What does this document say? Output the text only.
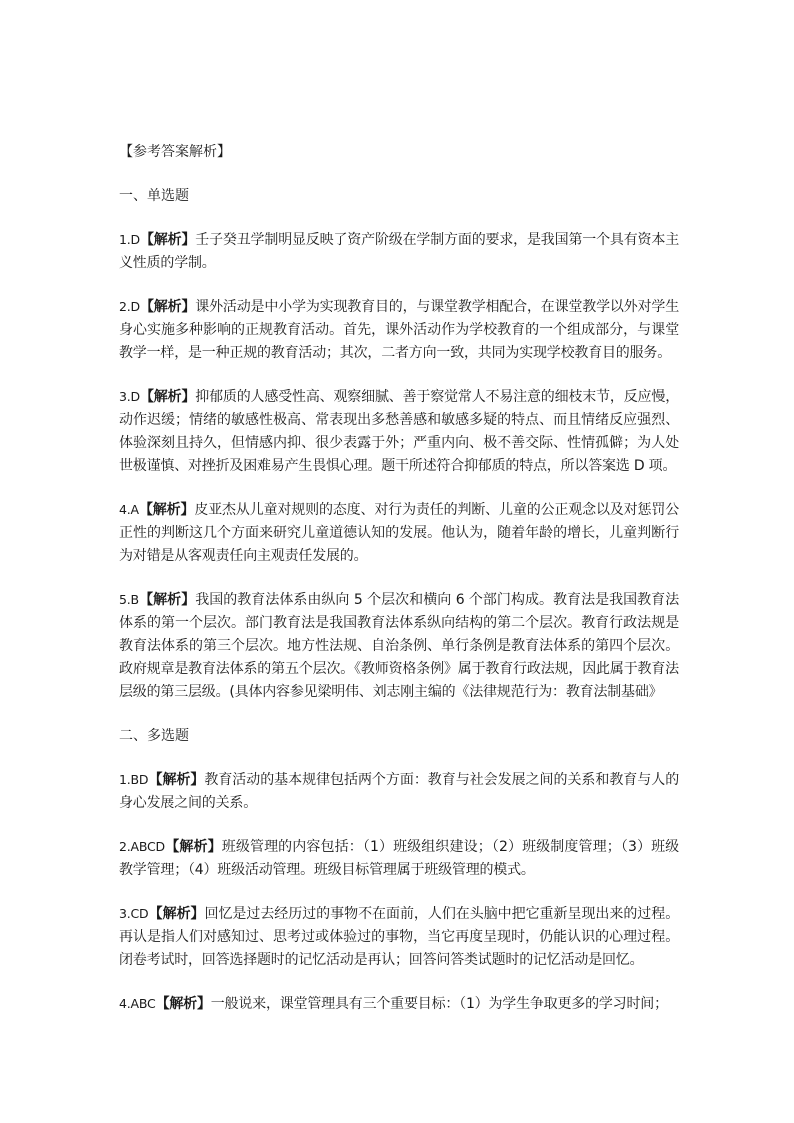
【参考答案解析】

一、单选题

1.D【解析】壬子癸丑学制明显反映了资产阶级在学制方面的要求，是我国第一个具有资本主义性质的学制。

2.D【解析】课外活动是中小学为实现教育目的，与课堂教学相配合，在课堂教学以外对学生身心实施多种影响的正规教育活动。首先，课外活动作为学校教育的一个组成部分，与课堂教学一样，是一种正规的教育活动；其次，二者方向一致，共同为实现学校教育目的服务。

3.D【解析】抑郁质的人感受性高、观察细腻、善于察觉常人不易注意的细枝末节，反应慢，动作迟缓；情绪的敏感性极高、常表现出多愁善感和敏感多疑的特点、而且情绪反应强烈、体验深刻且持久，但情感内抑、很少表露于外；严重内向、极不善交际、性情孤僻；为人处世极谨慎、对挫折及困难易产生畏惧心理。题干所述符合抑郁质的特点，所以答案选 D 项。

4.A【解析】皮亚杰从儿童对规则的态度、对行为责任的判断、儿童的公正观念以及对惩罚公正性的判断这几个方面来研究儿童道德认知的发展。他认为，随着年龄的增长，儿童判断行为对错是从客观责任向主观责任发展的。

5.B【解析】我国的教育法体系由纵向 5 个层次和横向 6 个部门构成。教育法是我国教育法体系的第一个层次。部门教育法是我国教育法体系纵向结构的第二个层次。教育行政法规是教育法体系的第三个层次。地方性法规、自治条例、单行条例是教育法体系的第四个层次。政府规章是教育法体系的第五个层次。《教师资格条例》属于教育行政法规，因此属于教育法层级的第三层级。(具体内容参见梁明伟、刘志刚主编的《法律规范行为：教育法制基础》

二、多选题

1.BD【解析】教育活动的基本规律包括两个方面：教育与社会发展之间的关系和教育与人的身心发展之间的关系。

2.ABCD【解析】班级管理的内容包括：（1）班级组织建设；（2）班级制度管理；（3）班级教学管理；（4）班级活动管理。班级目标管理属于班级管理的模式。

3.CD【解析】回忆是过去经历过的事物不在面前，人们在头脑中把它重新呈现出来的过程。再认是指人们对感知过、思考过或体验过的事物，当它再度呈现时，仍能认识的心理过程。闭卷考试时，回答选择题时的记忆活动是再认；回答问答类试题时的记忆活动是回忆。

4.ABC【解析】一般说来，课堂管理具有三个重要目标：（1）为学生争取更多的学习时间；
